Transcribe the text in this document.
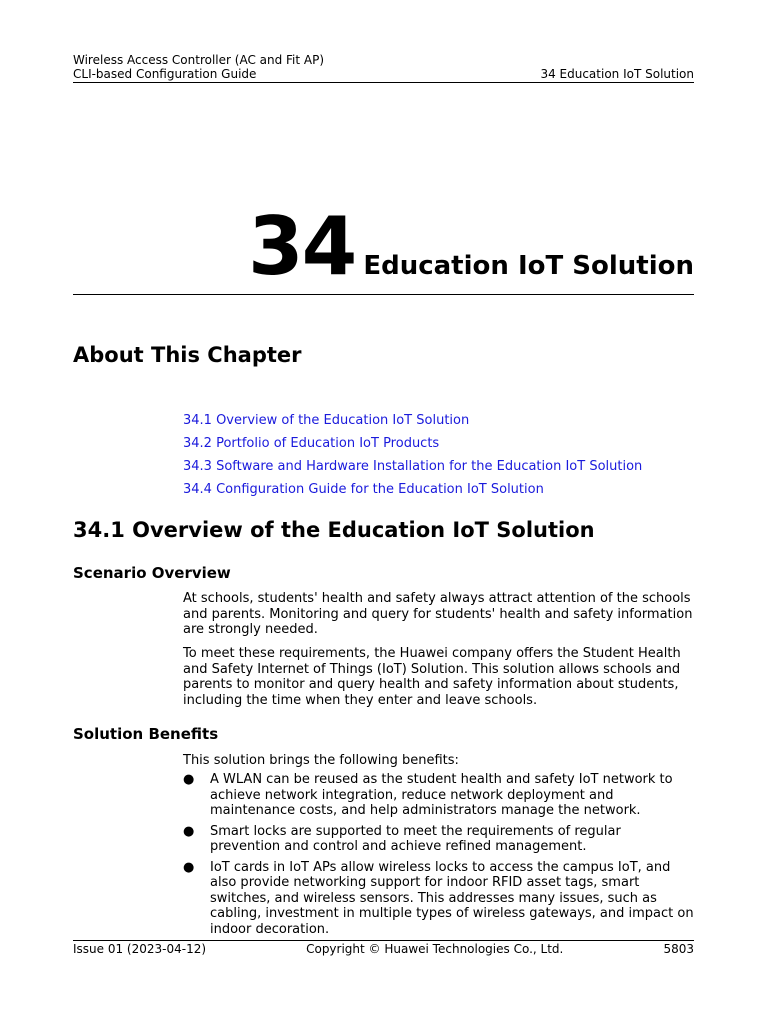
Wireless Access Controller (AC and Fit AP)
CLI-based Configuration Guide	34 Education IoT Solution
34 Education IoT Solution
About This Chapter
34.1 Overview of the Education IoT Solution
34.2 Portfolio of Education IoT Products
34.3 Software and Hardware Installation for the Education IoT Solution
34.4 Configuration Guide for the Education IoT Solution
34.1 Overview of the Education IoT Solution
Scenario Overview
At schools, students' health and safety always attract attention of the schools and parents. Monitoring and query for students' health and safety information are strongly needed.
To meet these requirements, the Huawei company offers the Student Health and Safety Internet of Things (IoT) Solution. This solution allows schools and parents to monitor and query health and safety information about students, including the time when they enter and leave schools.
Solution Benefits
This solution brings the following benefits:
● A WLAN can be reused as the student health and safety IoT network to achieve network integration, reduce network deployment and maintenance costs, and help administrators manage the network.
● Smart locks are supported to meet the requirements of regular prevention and control and achieve refined management.
● IoT cards in IoT APs allow wireless locks to access the campus IoT, and also provide networking support for indoor RFID asset tags, smart switches, and wireless sensors. This addresses many issues, such as cabling, investment in multiple types of wireless gateways, and impact on indoor decoration.
Issue 01 (2023-04-12)	Copyright © Huawei Technologies Co., Ltd.	5803
